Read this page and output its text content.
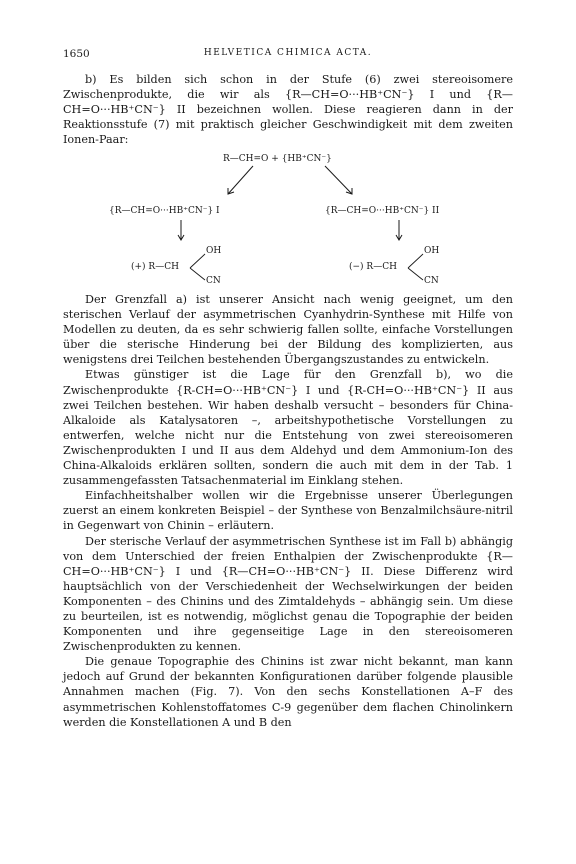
1650	HELVETICA CHIMICA ACTA.

b) Es bilden sich schon in der Stufe (6) zwei stereoisomere Zwischenprodukte, die wir als {R—CH=O···HB⁺CN⁻} I und {R—CH=O···HB⁺CN⁻} II bezeichnen wollen. Diese reagieren dann in der Reaktionsstufe (7) mit praktisch gleicher Geschwindigkeit mit dem zweiten Ionen-Paar:

R—CH=O + {HB⁺CN⁻}
{R—CH=O···HB⁺CN⁻} I	{R—CH=O···HB⁺CN⁻} II
(+) R—CH
OH
CN
(−) R—CH
OH
CN

Der Grenzfall a) ist unserer Ansicht nach wenig geeignet, um den sterischen Verlauf der asymmetrischen Cyanhydrin-Synthese mit Hilfe von Modellen zu deuten, da es sehr schwierig fallen sollte, einfache Vorstellungen über die sterische Hinderung bei der Bildung des komplizierten, aus wenigstens drei Teilchen bestehenden Übergangszustandes zu entwickeln.

Etwas günstiger ist die Lage für den Grenzfall b), wo die Zwischenprodukte {R-CH=O···HB⁺CN⁻} I und {R-CH=O···HB⁺CN⁻} II aus zwei Teilchen bestehen. Wir haben deshalb versucht – besonders für China-Alkaloide als Katalysatoren –, arbeitshypothetische Vorstellungen zu entwerfen, welche nicht nur die Entstehung von zwei stereoisomeren Zwischenprodukten I und II aus dem Aldehyd und dem Ammonium-Ion des China-Alkaloids erklären sollten, sondern die auch mit dem in der Tab. 1 zusammengefassten Tatsachenmaterial im Einklang stehen.

Einfachheitshalber wollen wir die Ergebnisse unserer Überlegungen zuerst an einem konkreten Beispiel – der Synthese von Benzalmilchsäure-nitril in Gegenwart von Chinin – erläutern.

Der sterische Verlauf der asymmetrischen Synthese ist im Fall b) abhängig von dem Unterschied der freien Enthalpien der Zwischenprodukte {R—CH=O···HB⁺CN⁻} I und {R—CH=O···HB⁺CN⁻} II. Diese Differenz wird hauptsächlich von der Verschiedenheit der Wechselwirkungen der beiden Komponenten – des Chinins und des Zimtaldehyds – abhängig sein. Um diese zu beurteilen, ist es notwendig, möglichst genau die Topographie der beiden Komponenten und ihre gegenseitige Lage in den stereoisomeren Zwischenprodukten zu kennen.

Die genaue Topographie des Chinins ist zwar nicht bekannt, man kann jedoch auf Grund der bekannten Konfigurationen darüber folgende plausible Annahmen machen (Fig. 7). Von den sechs Konstellationen A–F des asymmetrischen Kohlenstoffatomes C-9 gegenüber dem flachen Chinolinkern werden die Konstellationen A und B den
